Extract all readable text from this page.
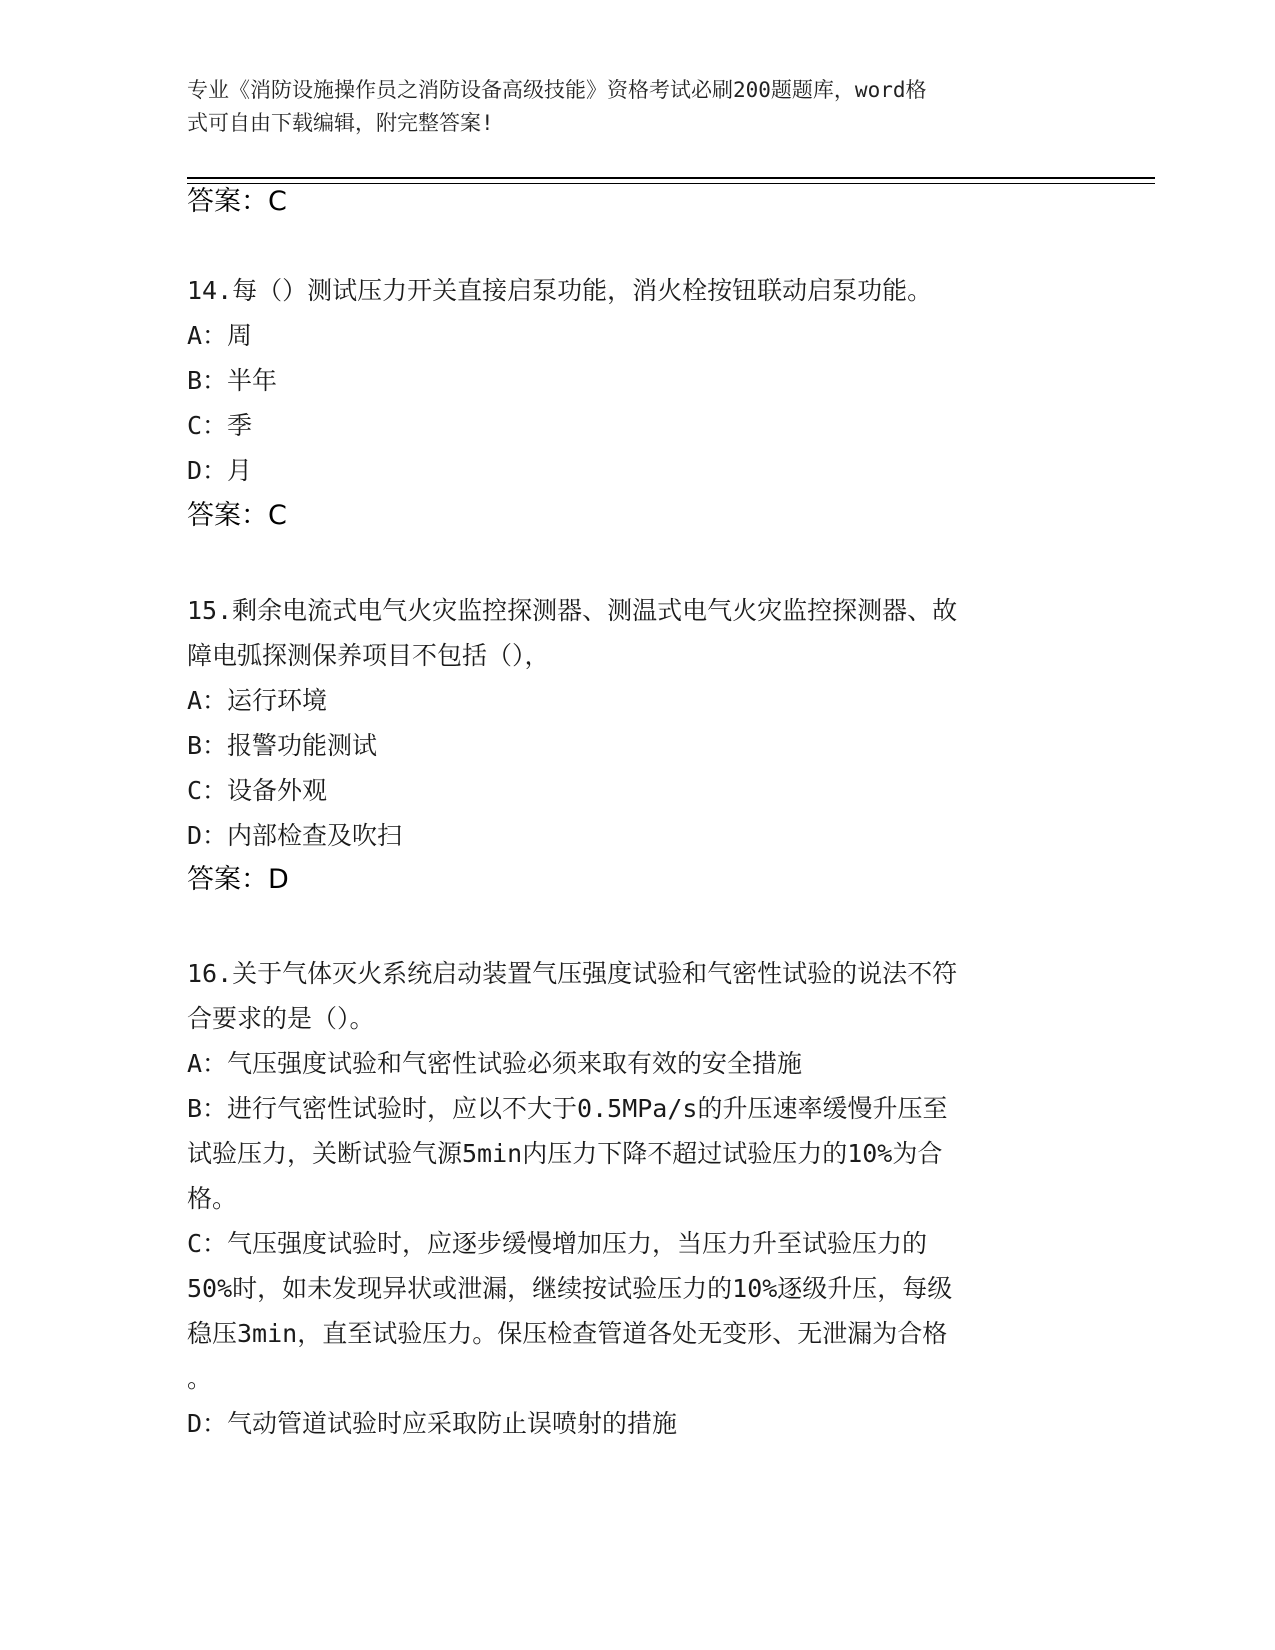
专业《消防设施操作员之消防设备高级技能》资格考试必刷200题题库，word格
式可自由下载编辑，附完整答案!
答案：C
14.每（）测试压力开关直接启泵功能，消火栓按钮联动启泵功能。
A：周
B：半年
C：季
D：月
答案：C
15.剩余电流式电气火灾监控探测器、测温式电气火灾监控探测器、故
障电弧探测保养项目不包括（），
A：运行环境
B：报警功能测试
C：设备外观
D：内部检查及吹扫
答案：D
16.关于气体灭火系统启动装置气压强度试验和气密性试验的说法不符
合要求的是（）。
A：气压强度试验和气密性试验必须来取有效的安全措施
B：进行气密性试验时，应以不大于0.5MPa/s的升压速率缓慢升压至
试验压力，关断试验气源5min内压力下降不超过试验压力的10%为合
格。
C：气压强度试验时，应逐步缓慢增加压力，当压力升至试验压力的
50%时，如未发现异状或泄漏，继续按试验压力的10%逐级升压，每级
稳压3min，直至试验压力。保压检查管道各处无变形、无泄漏为合格
。
D：气动管道试验时应采取防止误喷射的措施
